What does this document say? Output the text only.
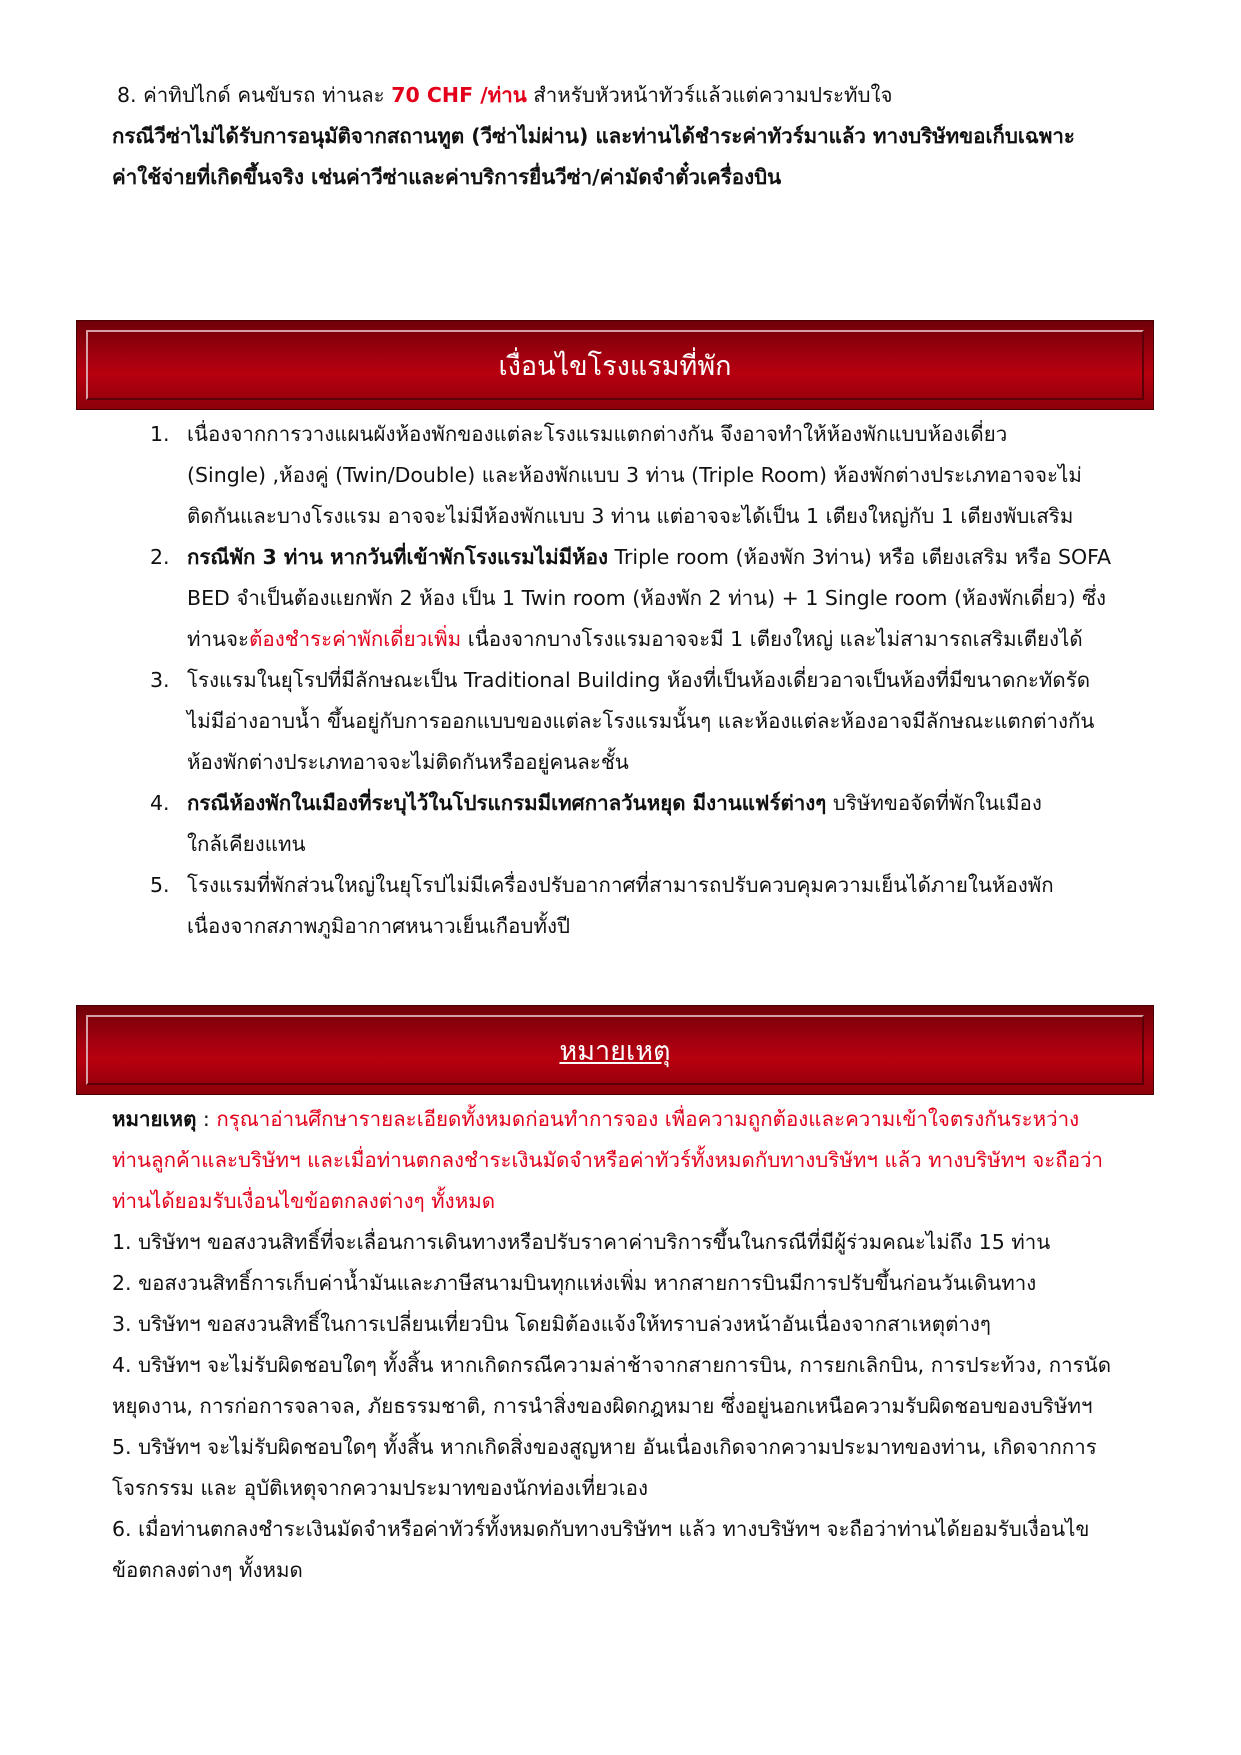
8. ค่าทิปไกด์ คนขับรถ ท่านละ 70 CHF /ท่าน สำหรับหัวหน้าทัวร์แล้วแต่ความประทับใจ
กรณีวีซ่าไม่ได้รับการอนุมัติจากสถานทูต (วีซ่าไม่ผ่าน) และท่านได้ชำระค่าทัวร์มาแล้ว ทางบริษัทขอเก็บเฉพาะ
ค่าใช้จ่ายที่เกิดขึ้นจริง เช่นค่าวีซ่าและค่าบริการยื่นวีซ่า/ค่ามัดจำตั๋วเครื่องบิน
เงื่อนไขโรงแรมที่พัก
1. เนื่องจากการวางแผนผังห้องพักของแต่ละโรงแรมแตกต่างกัน จึงอาจทำให้ห้องพักแบบห้องเดี่ยว
(Single) ,ห้องคู่ (Twin/Double) และห้องพักแบบ 3 ท่าน (Triple Room) ห้องพักต่างประเภทอาจจะไม่
ติดกันและบางโรงแรม อาจจะไม่มีห้องพักแบบ 3 ท่าน แต่อาจจะได้เป็น 1 เตียงใหญ่กับ 1 เตียงพับเสริม
2. กรณีพัก 3 ท่าน หากวันที่เข้าพักโรงแรมไม่มีห้อง Triple room (ห้องพัก 3ท่าน) หรือ เตียงเสริม หรือ SOFA
BED จำเป็นต้องแยกพัก 2 ห้อง เป็น 1 Twin room (ห้องพัก 2 ท่าน) + 1 Single room (ห้องพักเดี่ยว) ซึ่ง
ท่านจะต้องชำระค่าพักเดี่ยวเพิ่ม เนื่องจากบางโรงแรมอาจจะมี 1 เตียงใหญ่ และไม่สามารถเสริมเตียงได้
3. โรงแรมในยุโรปที่มีลักษณะเป็น Traditional Building ห้องที่เป็นห้องเดี่ยวอาจเป็นห้องที่มีขนาดกะทัดรัด
ไม่มีอ่างอาบน้ำ ขึ้นอยู่กับการออกแบบของแต่ละโรงแรมนั้นๆ และห้องแต่ละห้องอาจมีลักษณะแตกต่างกัน
ห้องพักต่างประเภทอาจจะไม่ติดกันหรืออยู่คนละชั้น
4. กรณีห้องพักในเมืองที่ระบุไว้ในโปรแกรมมีเทศกาลวันหยุด มีงานแฟร์ต่างๆ บริษัทขอจัดที่พักในเมือง
ใกล้เคียงแทน
5. โรงแรมที่พักส่วนใหญ่ในยุโรปไม่มีเครื่องปรับอากาศที่สามารถปรับควบคุมความเย็นได้ภายในห้องพัก
เนื่องจากสภาพภูมิอากาศหนาวเย็นเกือบทั้งปี
หมายเหตุ
หมายเหตุ : กรุณาอ่านศึกษารายละเอียดทั้งหมดก่อนทำการจอง เพื่อความถูกต้องและความเข้าใจตรงกันระหว่าง
ท่านลูกค้าและบริษัทฯ และเมื่อท่านตกลงชำระเงินมัดจำหรือค่าทัวร์ทั้งหมดกับทางบริษัทฯ แล้ว ทางบริษัทฯ จะถือว่า
ท่านได้ยอมรับเงื่อนไขข้อตกลงต่างๆ ทั้งหมด
1. บริษัทฯ ขอสงวนสิทธิ์ที่จะเลื่อนการเดินทางหรือปรับราคาค่าบริการขึ้นในกรณีที่มีผู้ร่วมคณะไม่ถึง 15 ท่าน
2. ขอสงวนสิทธิ์การเก็บค่าน้ำมันและภาษีสนามบินทุกแห่งเพิ่ม หากสายการบินมีการปรับขึ้นก่อนวันเดินทาง
3. บริษัทฯ ขอสงวนสิทธิ์ในการเปลี่ยนเที่ยวบิน โดยมิต้องแจ้งให้ทราบล่วงหน้าอันเนื่องจากสาเหตุต่างๆ
4. บริษัทฯ จะไม่รับผิดชอบใดๆ ทั้งสิ้น หากเกิดกรณีความล่าช้าจากสายการบิน, การยกเลิกบิน, การประท้วง, การนัด
หยุดงาน, การก่อการจลาจล, ภัยธรรมชาติ, การนำสิ่งของผิดกฎหมาย ซึ่งอยู่นอกเหนือความรับผิดชอบของบริษัทฯ
5. บริษัทฯ จะไม่รับผิดชอบใดๆ ทั้งสิ้น หากเกิดสิ่งของสูญหาย อันเนื่องเกิดจากความประมาทของท่าน, เกิดจากการ
โจรกรรม และ อุบัติเหตุจากความประมาทของนักท่องเที่ยวเอง
6. เมื่อท่านตกลงชำระเงินมัดจำหรือค่าทัวร์ทั้งหมดกับทางบริษัทฯ แล้ว ทางบริษัทฯ จะถือว่าท่านได้ยอมรับเงื่อนไข
ข้อตกลงต่างๆ ทั้งหมด
